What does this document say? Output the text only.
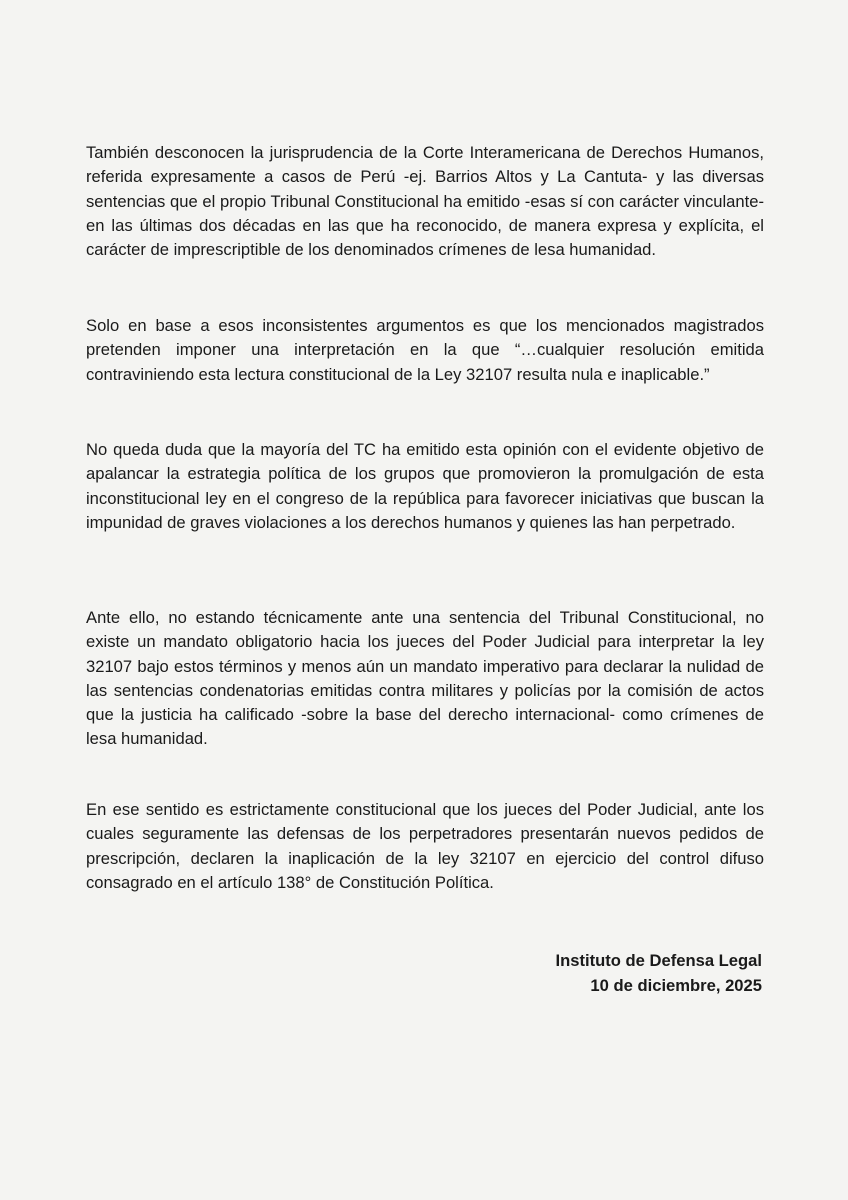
También desconocen la jurisprudencia de la Corte Interamericana de Derechos Humanos, referida expresamente a casos de Perú -ej. Barrios Altos y La Cantuta- y las diversas sentencias que el propio Tribunal Constitucional ha emitido -esas sí con carácter vinculante- en las últimas dos décadas en las que ha reconocido, de manera expresa y explícita, el carácter de imprescriptible de los denominados crímenes de lesa humanidad.

Solo en base a esos inconsistentes argumentos es que los mencionados magistrados pretenden imponer una interpretación en la que “…cualquier resolución emitida contraviniendo esta lectura constitucional de la Ley 32107 resulta nula e inaplicable.”

No queda duda que la mayoría del TC ha emitido esta opinión con el evidente objetivo de apalancar la estrategia política de los grupos que promovieron la promulgación de esta inconstitucional ley en el congreso de la república para favorecer iniciativas que buscan la impunidad de graves violaciones a los derechos humanos y quienes las han perpetrado.

Ante ello, no estando técnicamente ante una sentencia del Tribunal Constitucional, no existe un mandato obligatorio hacia los jueces del Poder Judicial para interpretar la ley 32107 bajo estos términos y menos aún un mandato imperativo para declarar la nulidad de las sentencias condenatorias emitidas contra militares y policías por la comisión de actos que la justicia ha calificado -sobre la base del derecho internacional- como crímenes de lesa humanidad.

En ese sentido es estrictamente constitucional que los jueces del Poder Judicial, ante los cuales seguramente las defensas de los perpetradores presentarán nuevos pedidos de prescripción, declaren la inaplicación de la ley 32107 en ejercicio del control difuso consagrado en el artículo 138° de Constitución Política.

Instituto de Defensa Legal
10 de diciembre, 2025
